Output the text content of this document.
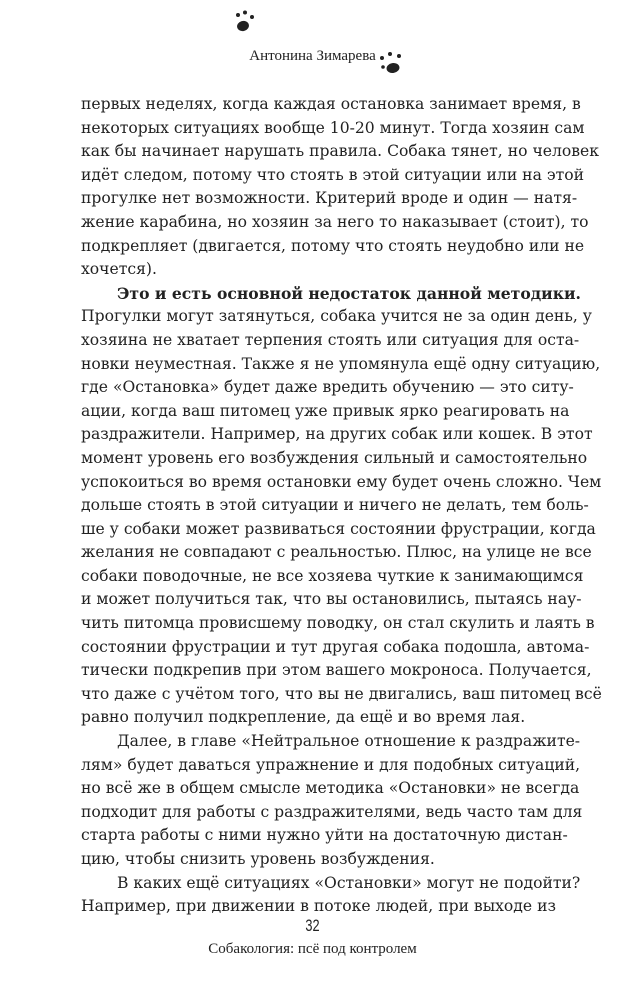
Антонина Зимарева
первых неделях, когда каждая остановка занимает время, в
некоторых ситуациях вообще 10-20 минут. Тогда хозяин сам
как бы начинает нарушать правила. Собака тянет, но человек
идёт следом, потому что стоять в этой ситуации или на этой
прогулке нет возможности. Критерий вроде и один — натя-
жение карабина, но хозяин за него то наказывает (стоит), то
подкрепляет (двигается, потому что стоять неудобно или не
хочется).
Это и есть основной недостаток данной методики.
Прогулки могут затянуться, собака учится не за один день, у
хозяина не хватает терпения стоять или ситуация для оста-
новки неуместная. Также я не упомянула ещё одну ситуацию,
где «Остановка» будет даже вредить обучению — это ситу-
ации, когда ваш питомец уже привык ярко реагировать на
раздражители. Например, на других собак или кошек. В этот
момент уровень его возбуждения сильный и самостоятельно
успокоиться во время остановки ему будет очень сложно. Чем
дольше стоять в этой ситуации и ничего не делать, тем боль-
ше у собаки может развиваться состоянии фрустрации, когда
желания не совпадают с реальностью. Плюс, на улице не все
собаки поводочные, не все хозяева чуткие к занимающимся
и может получиться так, что вы остановились, пытаясь нау-
чить питомца провисшему поводку, он стал скулить и лаять в
состоянии фрустрации и тут другая собака подошла, автома-
тически подкрепив при этом вашего мокроноса. Получается,
что даже с учётом того, что вы не двигались, ваш питомец всё
равно получил подкрепление, да ещё и во время лая.
Далее, в главе «Нейтральное отношение к раздражите-
лям» будет даваться упражнение и для подобных ситуаций,
но всё же в общем смысле методика «Остановки» не всегда
подходит для работы с раздражителями, ведь часто там для
старта работы с ними нужно уйти на достаточную дистан-
цию, чтобы снизить уровень возбуждения.
В каких ещё ситуациях «Остановки» могут не подойти?
Например, при движении в потоке людей, при выходе из
32
Собакология: псё под контролем
